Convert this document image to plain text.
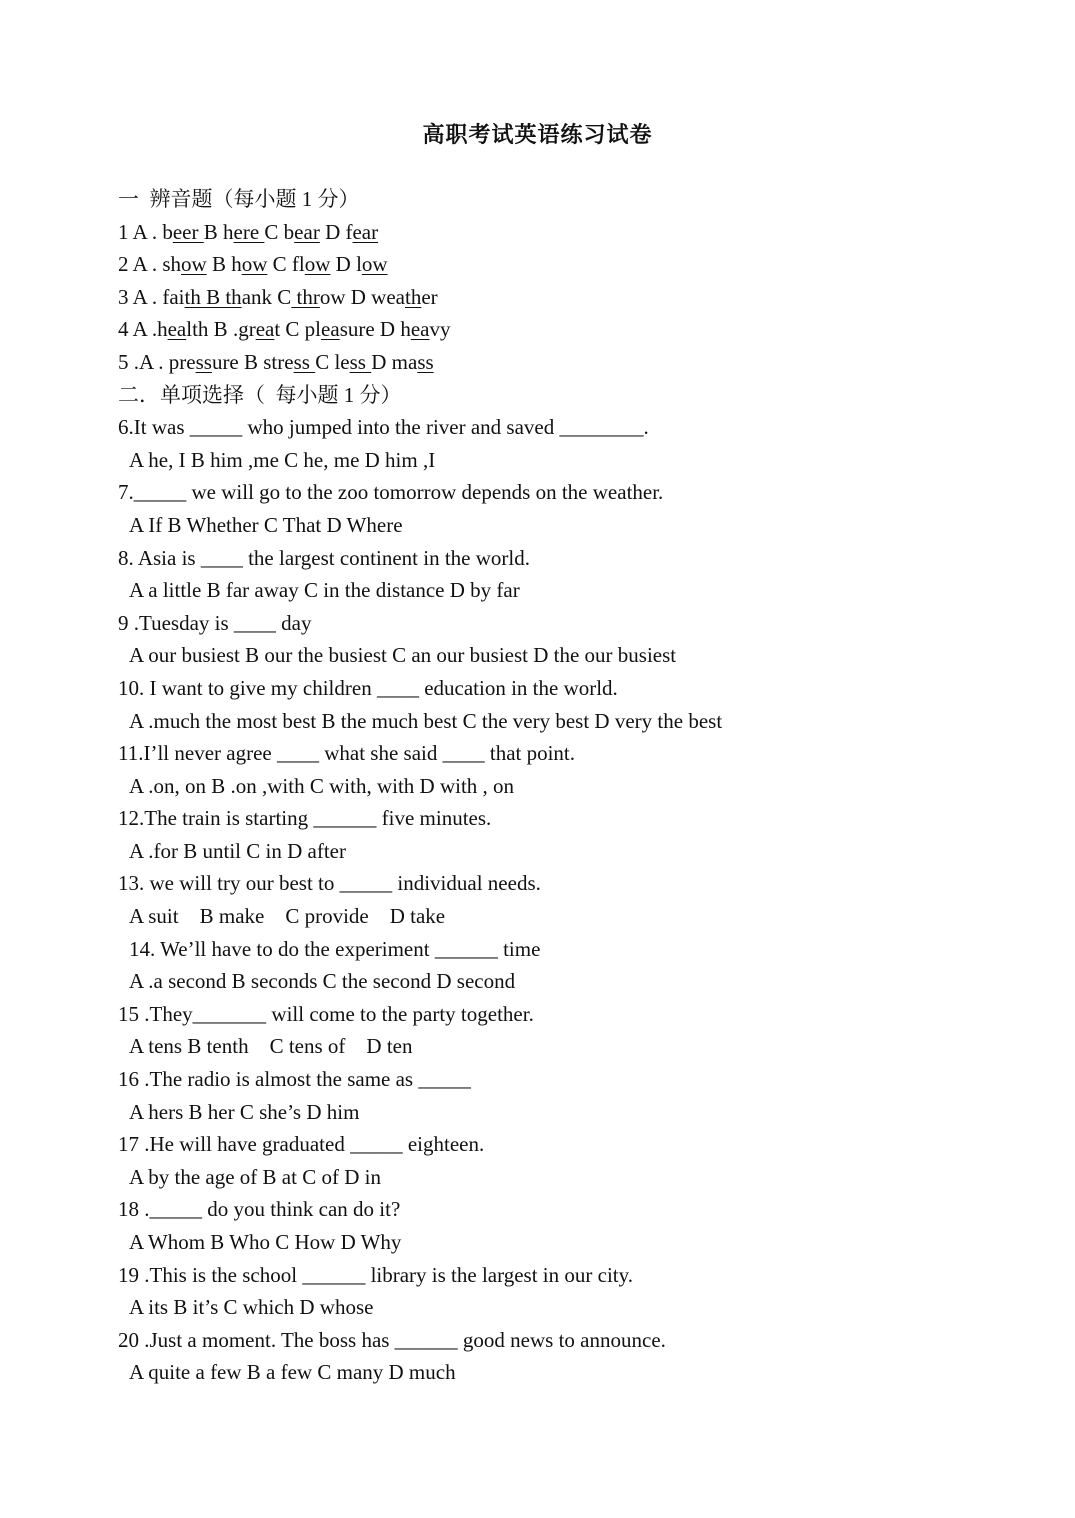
高职考试英语练习试卷
一  辨音题（每小题 1 分）
1 A . beer B here C bear D fear
2 A . show B how C flow D low
3 A . faith B thank C throw D weather
4 A .health B .great C pleasure D heavy
5 .A . pressure B stress C less D mass
二．单项选择（  每小题 1 分）
6.It was _____ who jumped into the river and saved ________.
A he, I B him ,me C he, me D him ,I
7._____ we will go to the zoo tomorrow depends on the weather.
A If B Whether C That D Where
8. Asia is ____ the largest continent in the world.
A a little B far away C in the distance D by far
9 .Tuesday is ____ day
A our busiest B our the busiest C an our busiest D the our busiest
10. I want to give my children ____ education in the world.
A .much the most best B the much best C the very best D very the best
11.I’ll never agree ____ what she said ____ that point.
A .on, on B .on ,with C with, with D with , on
12.The train is starting ______ five minutes.
A .for B until C in D after
13. we will try our best to _____ individual needs.
A suit    B make    C provide    D take
14. We’ll have to do the experiment ______ time
A .a second B seconds C the second D second
15 .They_______ will come to the party together.
A tens B tenth    C tens of    D ten
16 .The radio is almost the same as _____
A hers B her C she’s D him
17 .He will have graduated _____ eighteen.
A by the age of B at C of D in
18 ._____ do you think can do it?
A Whom B Who C How D Why
19 .This is the school ______ library is the largest in our city.
A its B it’s C which D whose
20 .Just a moment. The boss has ______ good news to announce.
A quite a few B a few C many D much
